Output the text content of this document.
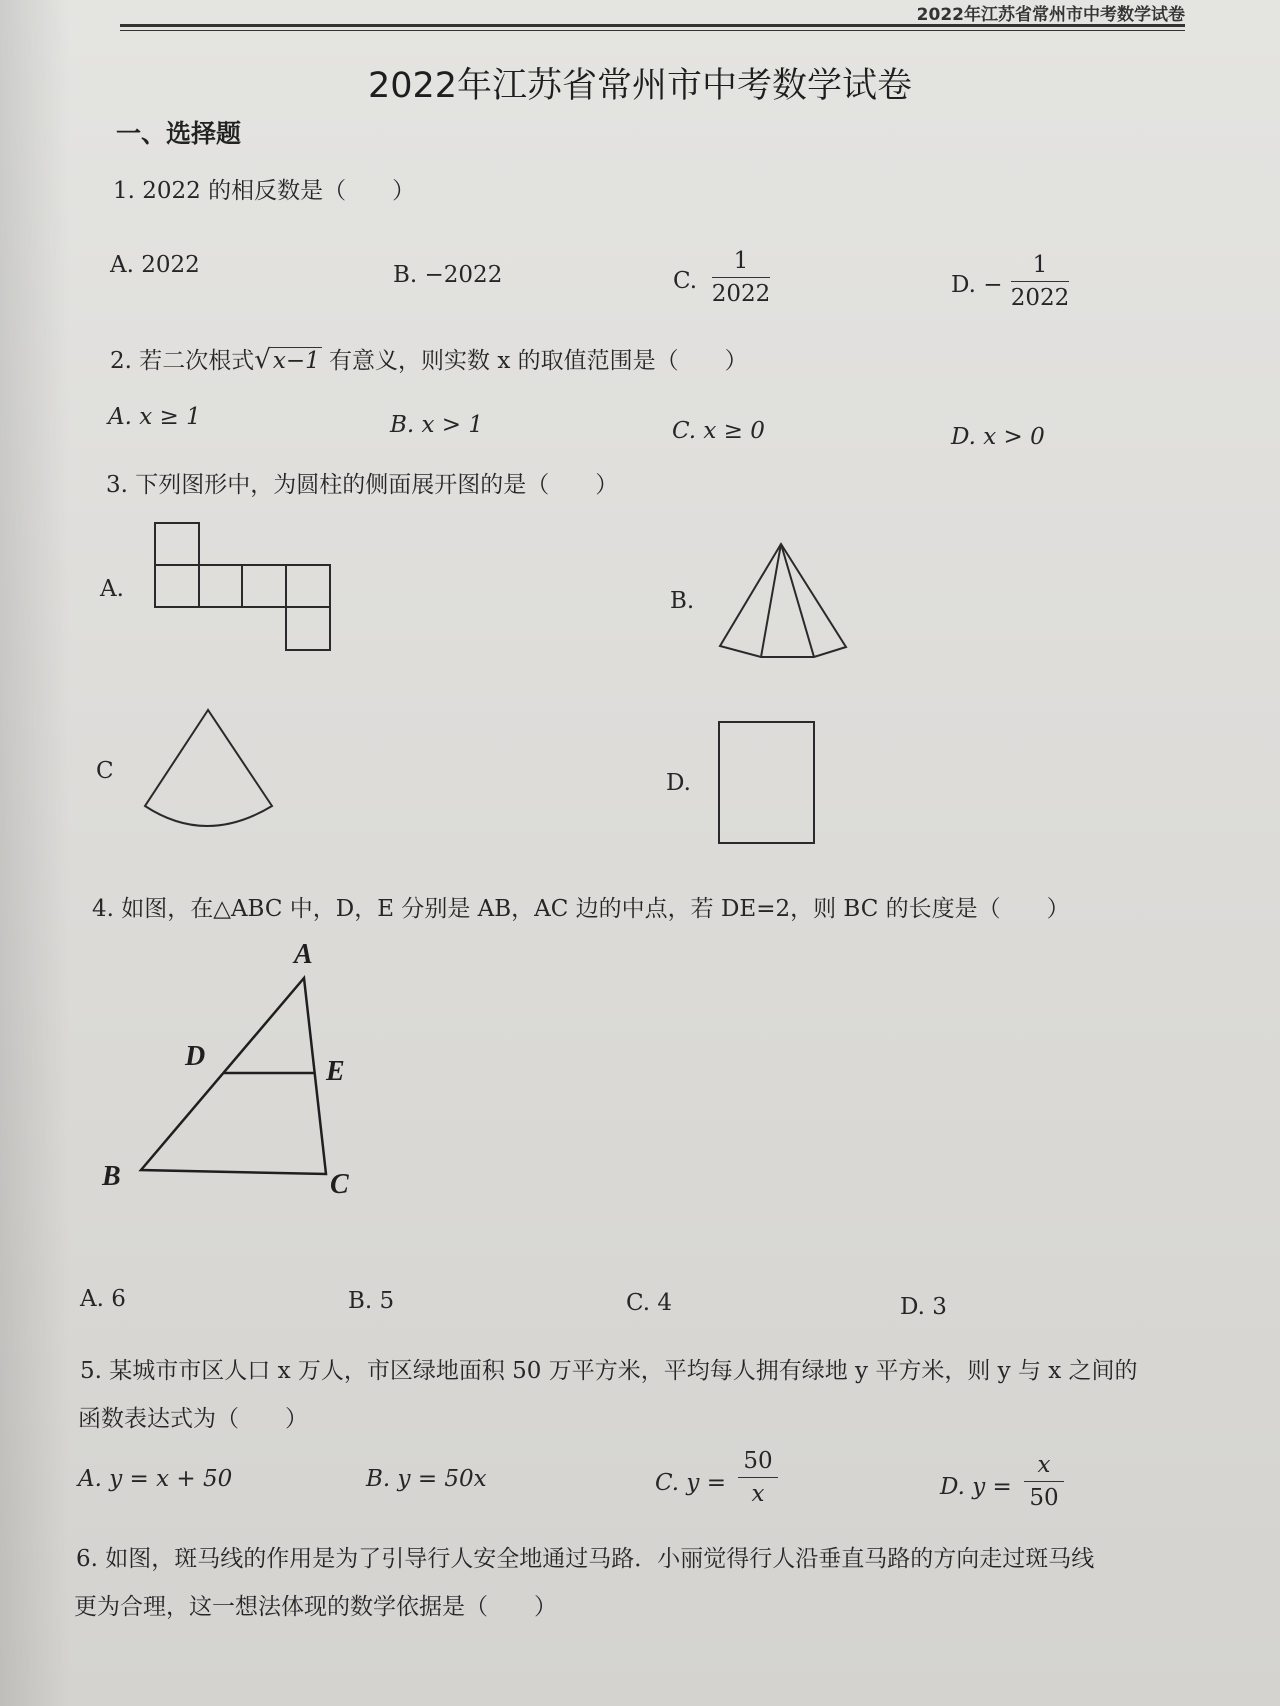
2022年江苏省常州市中考数学试卷
2022年江苏省常州市中考数学试卷
一、选择题
1. 2022 的相反数是（　　）
A. 2022	B. −2022	C.
1
2022	D. −
1
2022
2. 若二次根式√x−1 有意义，则实数 x 的取值范围是（　　）
A. x ≥ 1	B. x > 1	C. x ≥ 0	D. x > 0
3. 下列图形中，为圆柱的侧面展开图的是（　　）
A.	B.
C	D.
4. 如图，在△ABC 中，D，E 分别是 AB，AC 边的中点，若 DE=2，则 BC 的长度是（　　）
A
D	E
B	C
A. 6	B. 5	C. 4	D. 3
5. 某城市市区人口 x 万人，市区绿地面积 50 万平方米，平均每人拥有绿地 y 平方米，则 y 与 x 之间的
函数表达式为（　　）
A. y = x + 50	B. y = 50x	C. y =
50
x	D. y =
x
50
6. 如图，斑马线的作用是为了引导行人安全地通过马路．小丽觉得行人沿垂直马路的方向走过斑马线
更为合理，这一想法体现的数学依据是（　　）
